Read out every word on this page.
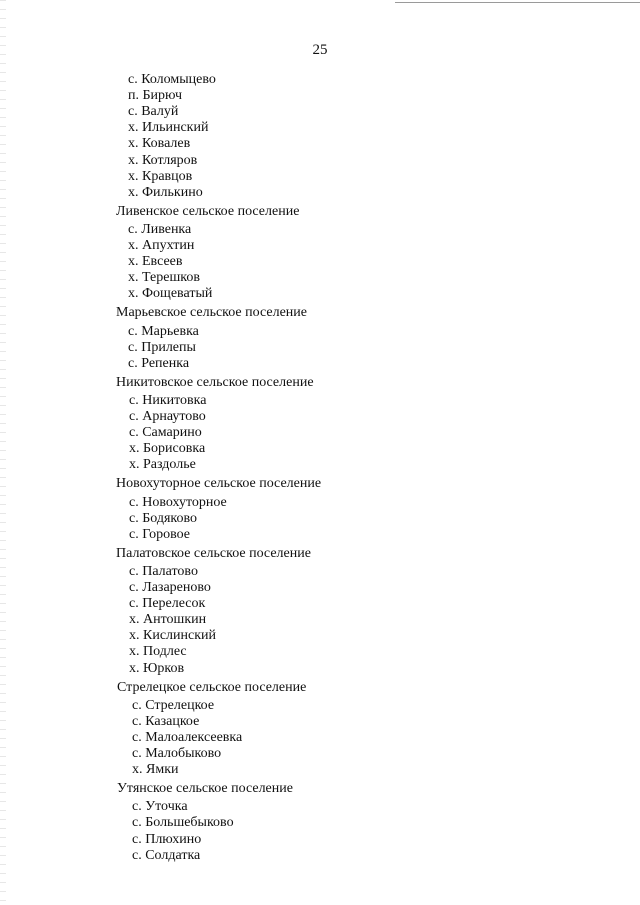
25
с. Коломыцево
п. Бирюч
с. Валуй
х. Ильинский
х. Ковалев
х. Котляров
х. Кравцов
х. Филькино
Ливенское сельское поселение
с. Ливенка
х. Апухтин
х. Евсеев
х. Терешков
х. Фощеватый
Марьевское сельское поселение
с. Марьевка
с. Прилепы
с. Репенка
Никитовское сельское поселение
с. Никитовка
с. Арнаутово
с. Самарино
х. Борисовка
х. Раздолье
Новохуторное сельское поселение
с. Новохуторное
с. Бодяково
с. Горовое
Палатовское сельское поселение
с. Палатово
с. Лазареново
с. Перелесок
х. Антошкин
х. Кислинский
х. Подлес
х. Юрков
Стрелецкое сельское поселение
с. Стрелецкое
с. Казацкое
с. Малоалексеевка
с. Малобыково
х. Ямки
Утянское сельское поселение
с. Уточка
с. Большебыково
с. Плюхино
с. Солдатка
